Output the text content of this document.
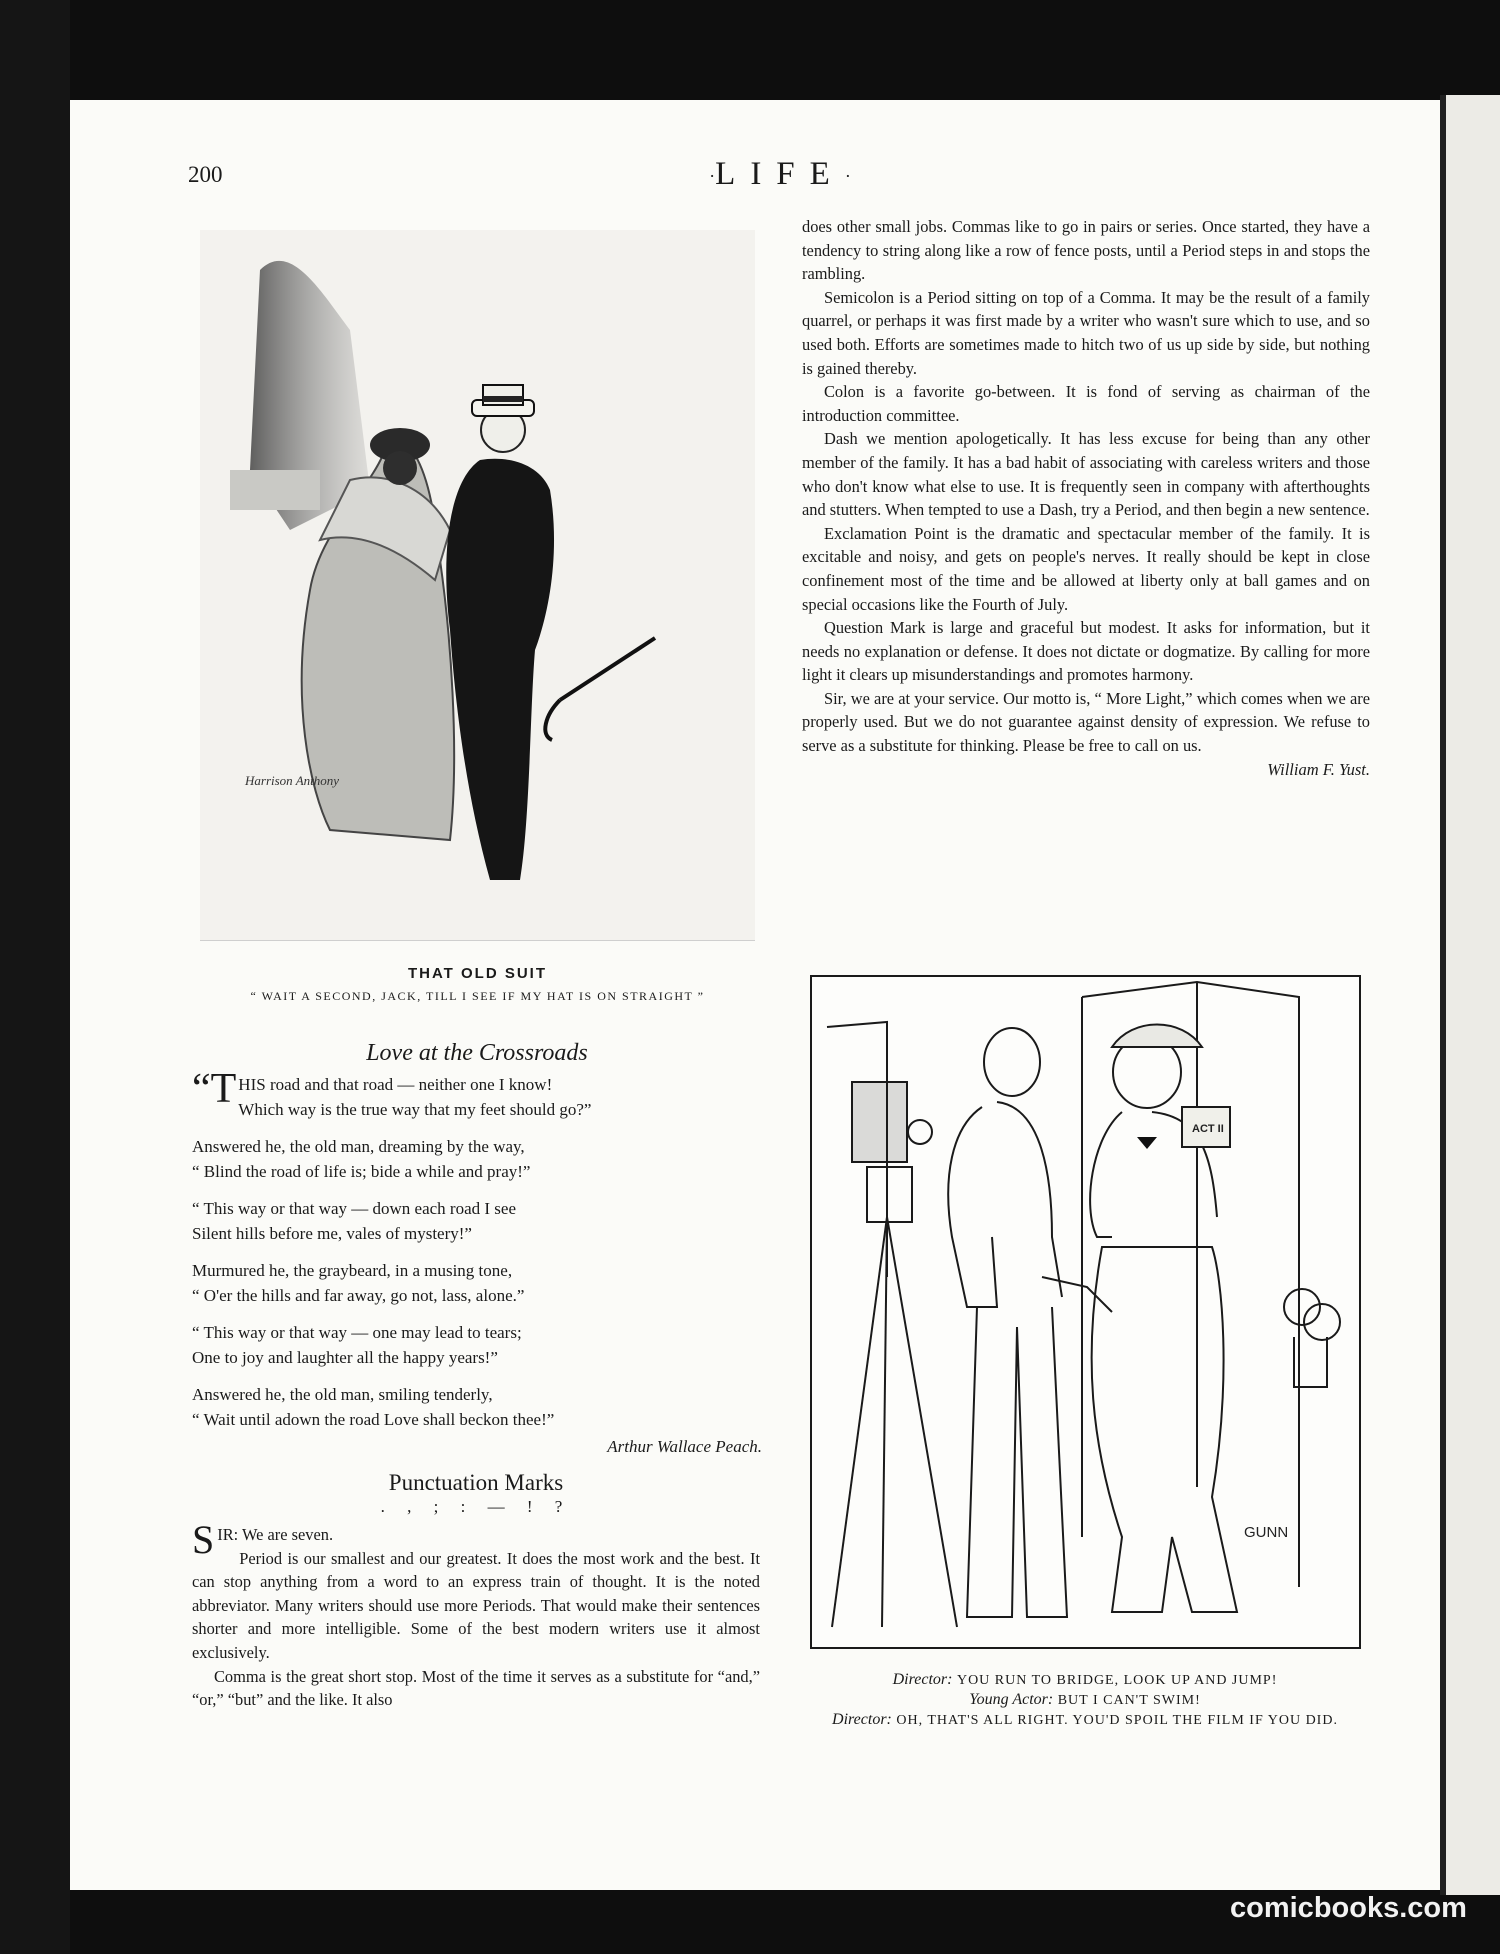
200	·LIFE·
Harrison Anthony
THAT OLD SUIT
“ WAIT A SECOND, JACK, TILL I SEE IF MY HAT IS ON STRAIGHT ”
Love at the Crossroads
“T HIS road and that road — neither one I know!
Which way is the true way that my feet should go?”
Answered he, the old man, dreaming by the way,
“ Blind the road of life is; bide a while and pray!”
“ This way or that way — down each road I see
Silent hills before me, vales of mystery!”
Murmured he, the graybeard, in a musing tone,
“ O'er the hills and far away, go not, lass, alone.”
“ This way or that way — one may lead to tears;
One to joy and laughter all the happy years!”
Answered he, the old man, smiling tenderly,
“ Wait until adown the road Love shall beckon thee!”
Arthur Wallace Peach.
Punctuation Marks
. , ; : — ! ?

SIR: We are seven.

Period is our smallest and our greatest. It does the most work and the best. It can stop anything from a word to an express train of thought. It is the noted abbreviator. Many writers should use more Periods. That would make their sentences shorter and more intelligible. Some of the best modern writers use it almost exclusively.

Comma is the great short stop. Most of the time it serves as a substitute for “and,” “or,” “but” and the like. It also

does other small jobs. Commas like to go in pairs or series. Once started, they have a tendency to string along like a row of fence posts, until a Period steps in and stops the rambling.

Semicolon is a Period sitting on top of a Comma. It may be the result of a family quarrel, or perhaps it was first made by a writer who wasn't sure which to use, and so used both. Efforts are sometimes made to hitch two of us up side by side, but nothing is gained thereby.

Colon is a favorite go-between. It is fond of serving as chairman of the introduction committee.

Dash we mention apologetically. It has less excuse for being than any other member of the family. It has a bad habit of associating with careless writers and those who don't know what else to use. It is frequently seen in company with afterthoughts and stutters. When tempted to use a Dash, try a Period, and then begin a new sentence.

Exclamation Point is the dramatic and spectacular member of the family. It is excitable and noisy, and gets on people's nerves. It really should be kept in close confinement most of the time and be allowed at liberty only at ball games and on special occasions like the Fourth of July.

Question Mark is large and graceful but modest. It asks for information, but it needs no explanation or defense. It does not dictate or dogmatize. By calling for more light it clears up misunderstandings and promotes harmony.

Sir, we are at your service. Our motto is, “ More Light,” which comes when we are properly used. But we do not guarantee against density of expression. We refuse to serve as a substitute for thinking. Please be free to call on us.

William F. Yust.
ACT II
GUNN
Director: YOU RUN TO BRIDGE, LOOK UP AND JUMP!
Young Actor: BUT I CAN'T SWIM!
Director: OH, THAT'S ALL RIGHT. YOU'D SPOIL THE FILM IF YOU DID.
comicbooks.com
